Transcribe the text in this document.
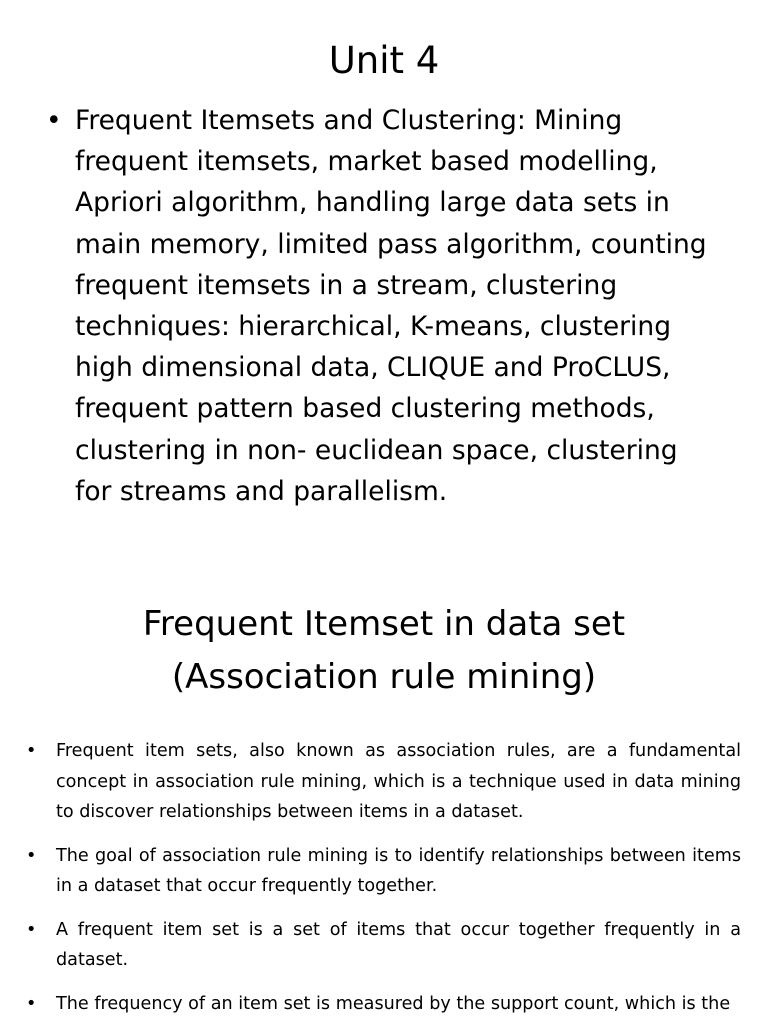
Unit 4
• Frequent Itemsets and Clustering: Mining frequent itemsets, market based modelling, Apriori algorithm, handling large data sets in main memory, limited pass algorithm, counting frequent itemsets in a stream, clustering techniques: hierarchical, K-means, clustering high dimensional data, CLIQUE and ProCLUS, frequent pattern based clustering methods, clustering in non- euclidean space, clustering for streams and parallelism.
Frequent Itemset in data set
(Association rule mining)
• Frequent item sets, also known as association rules, are a fundamental concept in association rule mining, which is a technique used in data mining to discover relationships between items in a dataset.
• The goal of association rule mining is to identify relationships between items in a dataset that occur frequently together.
• A frequent item set is a set of items that occur together frequently in a dataset.
• The frequency of an item set is measured by the support count, which is the
